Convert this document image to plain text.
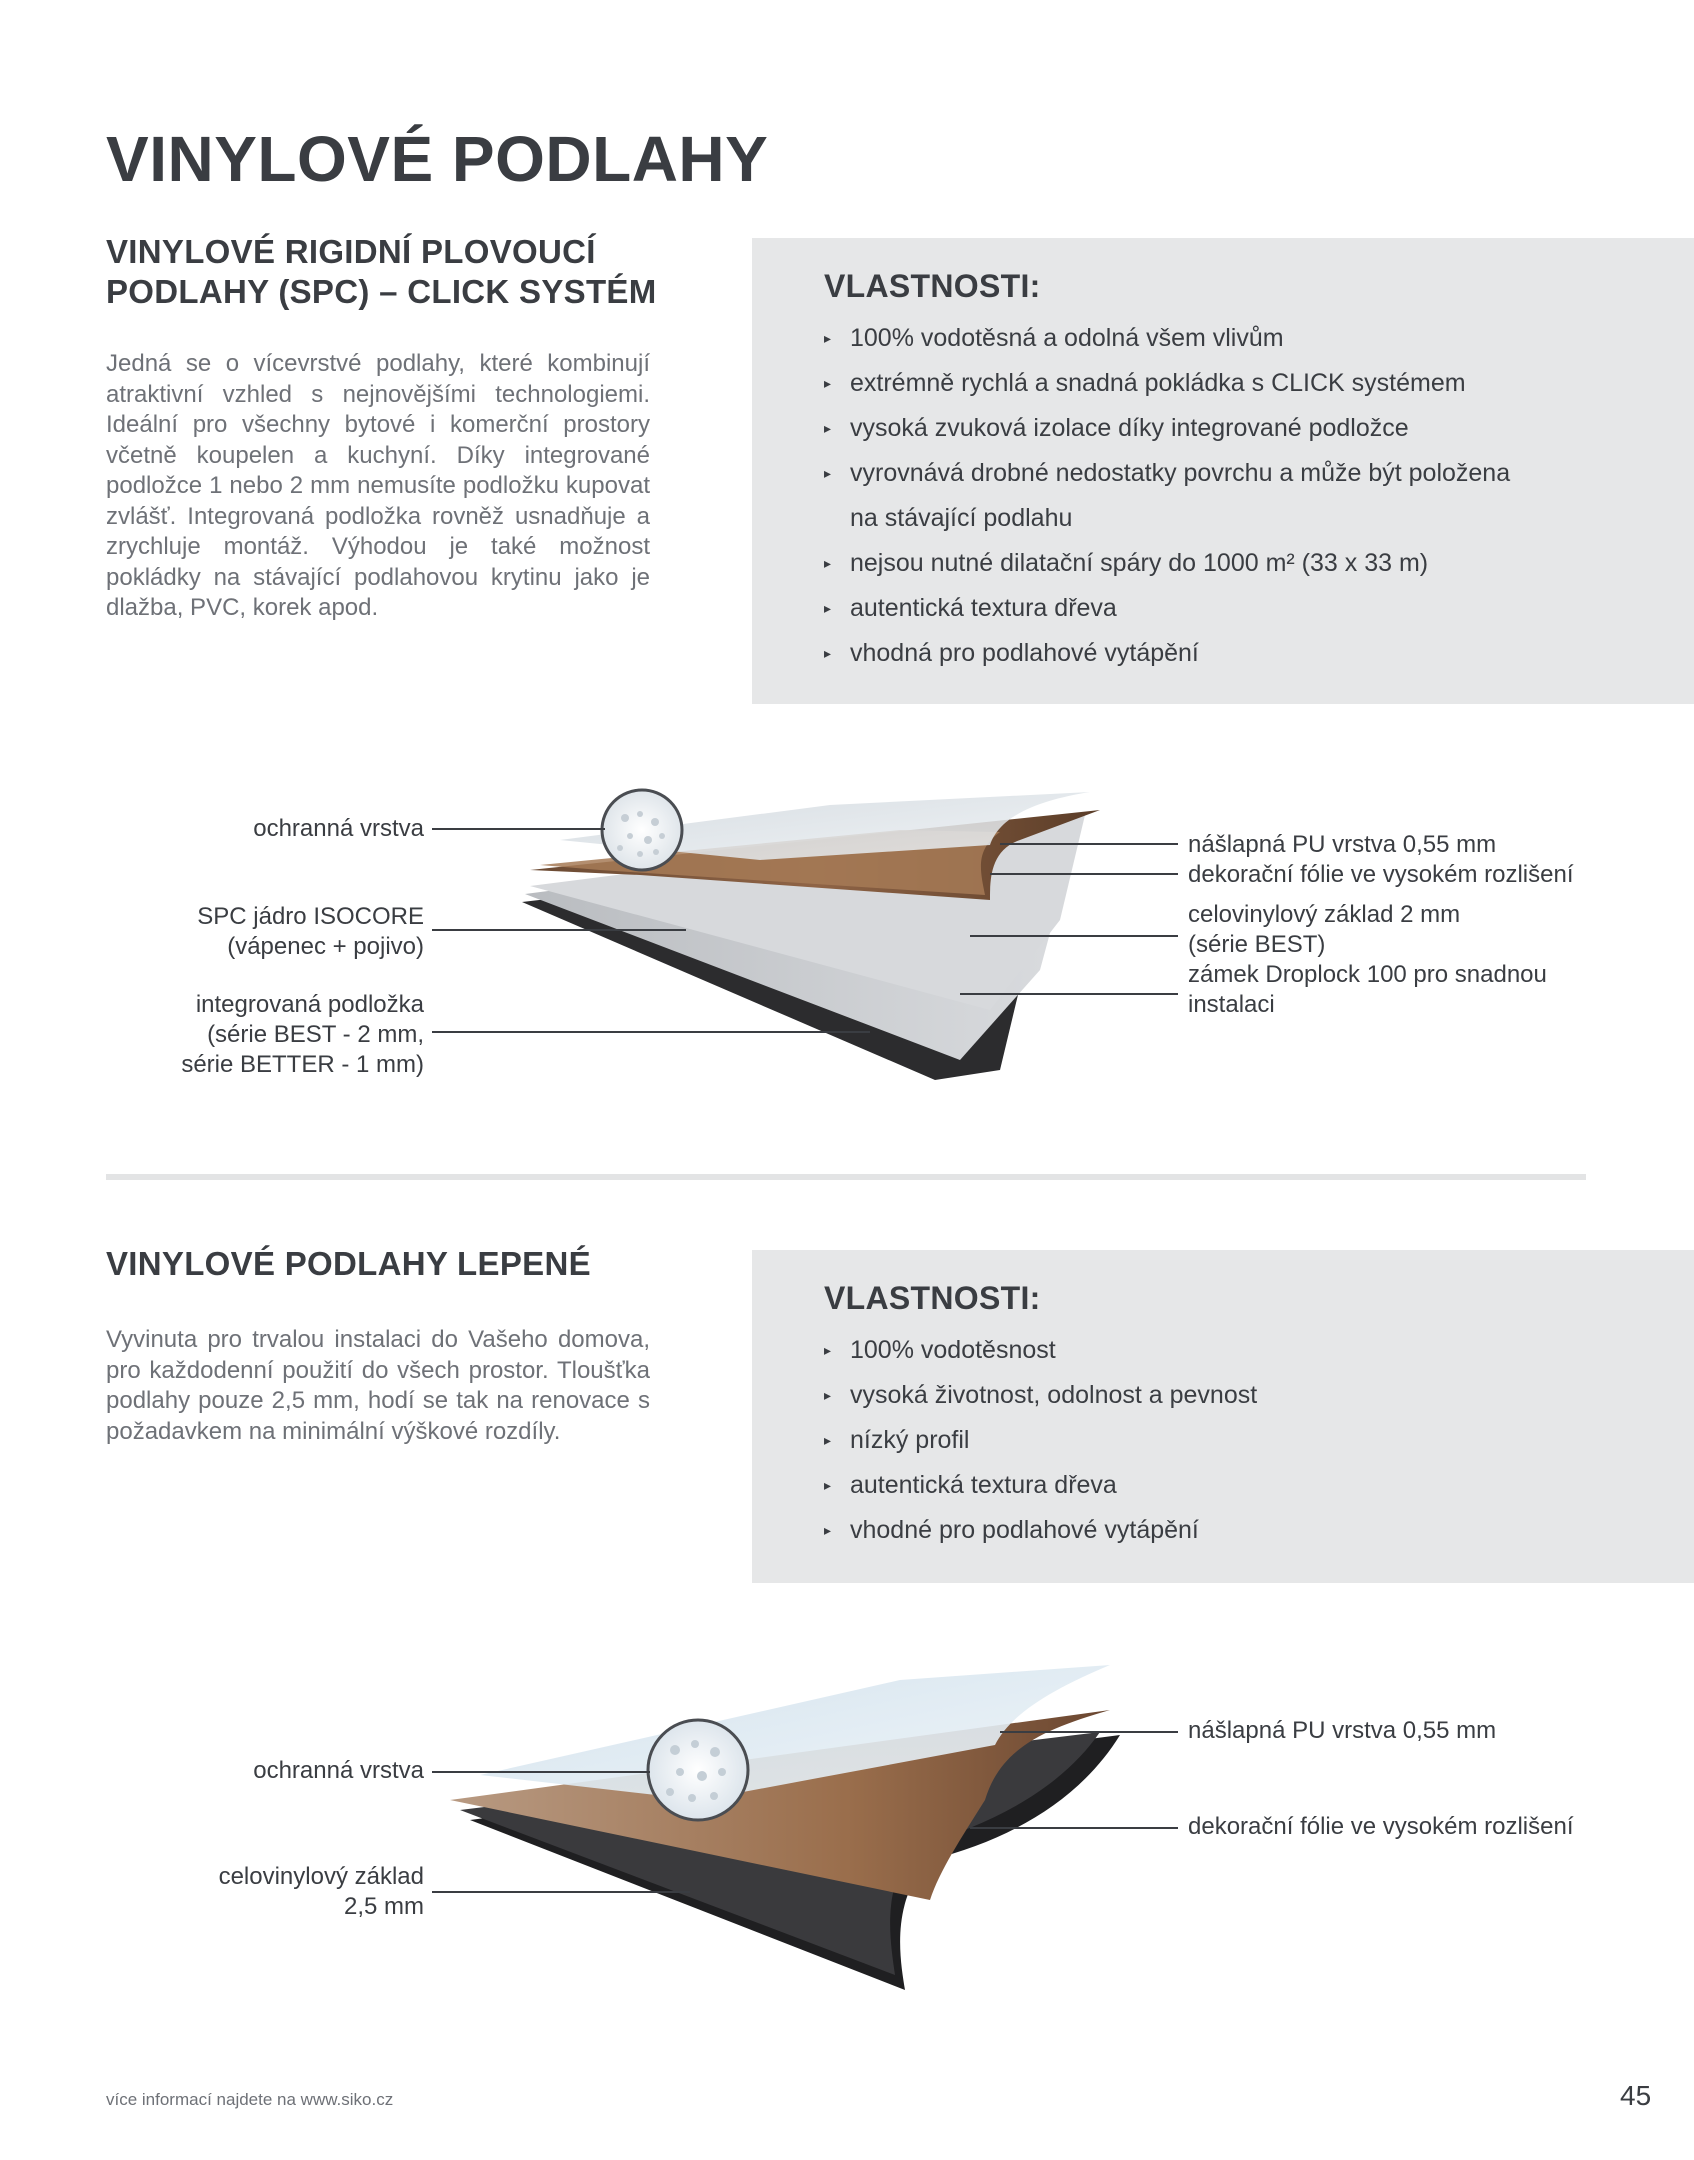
VINYLOVÉ PODLAHY
VINYLOVÉ RIGIDNÍ PLOVOUCÍ
PODLAHY (SPC) – CLICK SYSTÉM

Jedná se o vícevrstvé podlahy, které kombinují atraktivní vzhled s nejnovějšími technologiemi. Ideální pro všechny bytové i komerční prostory včetně koupelen a kuchyní. Díky integrované podložce 1 nebo 2 mm nemusíte podložku kupovat zvlášť. Integrovaná podložka rovněž usnadňuje a zrychluje montáž. Výhodou je také možnost pokládky na stávající podlahovou krytinu jako je dlažba, PVC, korek apod.

VLASTNOSTI:
▸ 100% vodotěsná a odolná všem vlivům
▸ extrémně rychlá a snadná pokládka s CLICK systémem
▸ vysoká zvuková izolace díky integrované podložce
▸ vyrovnává drobné nedostatky povrchu a může být položena
na stávající podlahu
▸ nejsou nutné dilatační spáry do 1000 m² (33 x 33 m)
▸ autentická textura dřeva
▸ vhodná pro podlahové vytápění
ochranná vrstva
SPC jádro ISOCORE
(vápenec + pojivo)
integrovaná podložka
(série BEST - 2 mm,
série BETTER - 1 mm)
nášlapná PU vrstva 0,55 mm
dekorační fólie ve vysokém rozlišení
celovinylový základ 2 mm
(série BEST)
zámek Droplock 100 pro snadnou
instalaci
VINYLOVÉ PODLAHY LEPENÉ

Vyvinuta pro trvalou instalaci do Vašeho domova, pro každodenní použití do všech prostor. Tloušťka podlahy pouze 2,5 mm, hodí se tak na renovace s požadavkem na minimální výškové rozdíly.

VLASTNOSTI:
▸ 100% vodotěsnost
▸ vysoká životnost, odolnost a pevnost
▸ nízký profil
▸ autentická textura dřeva
▸ vhodné pro podlahové vytápění
ochranná vrstva
celovinylový základ
2,5 mm
nášlapná PU vrstva 0,55 mm
dekorační fólie ve vysokém rozlišení
více informací najdete na www.siko.cz	45
